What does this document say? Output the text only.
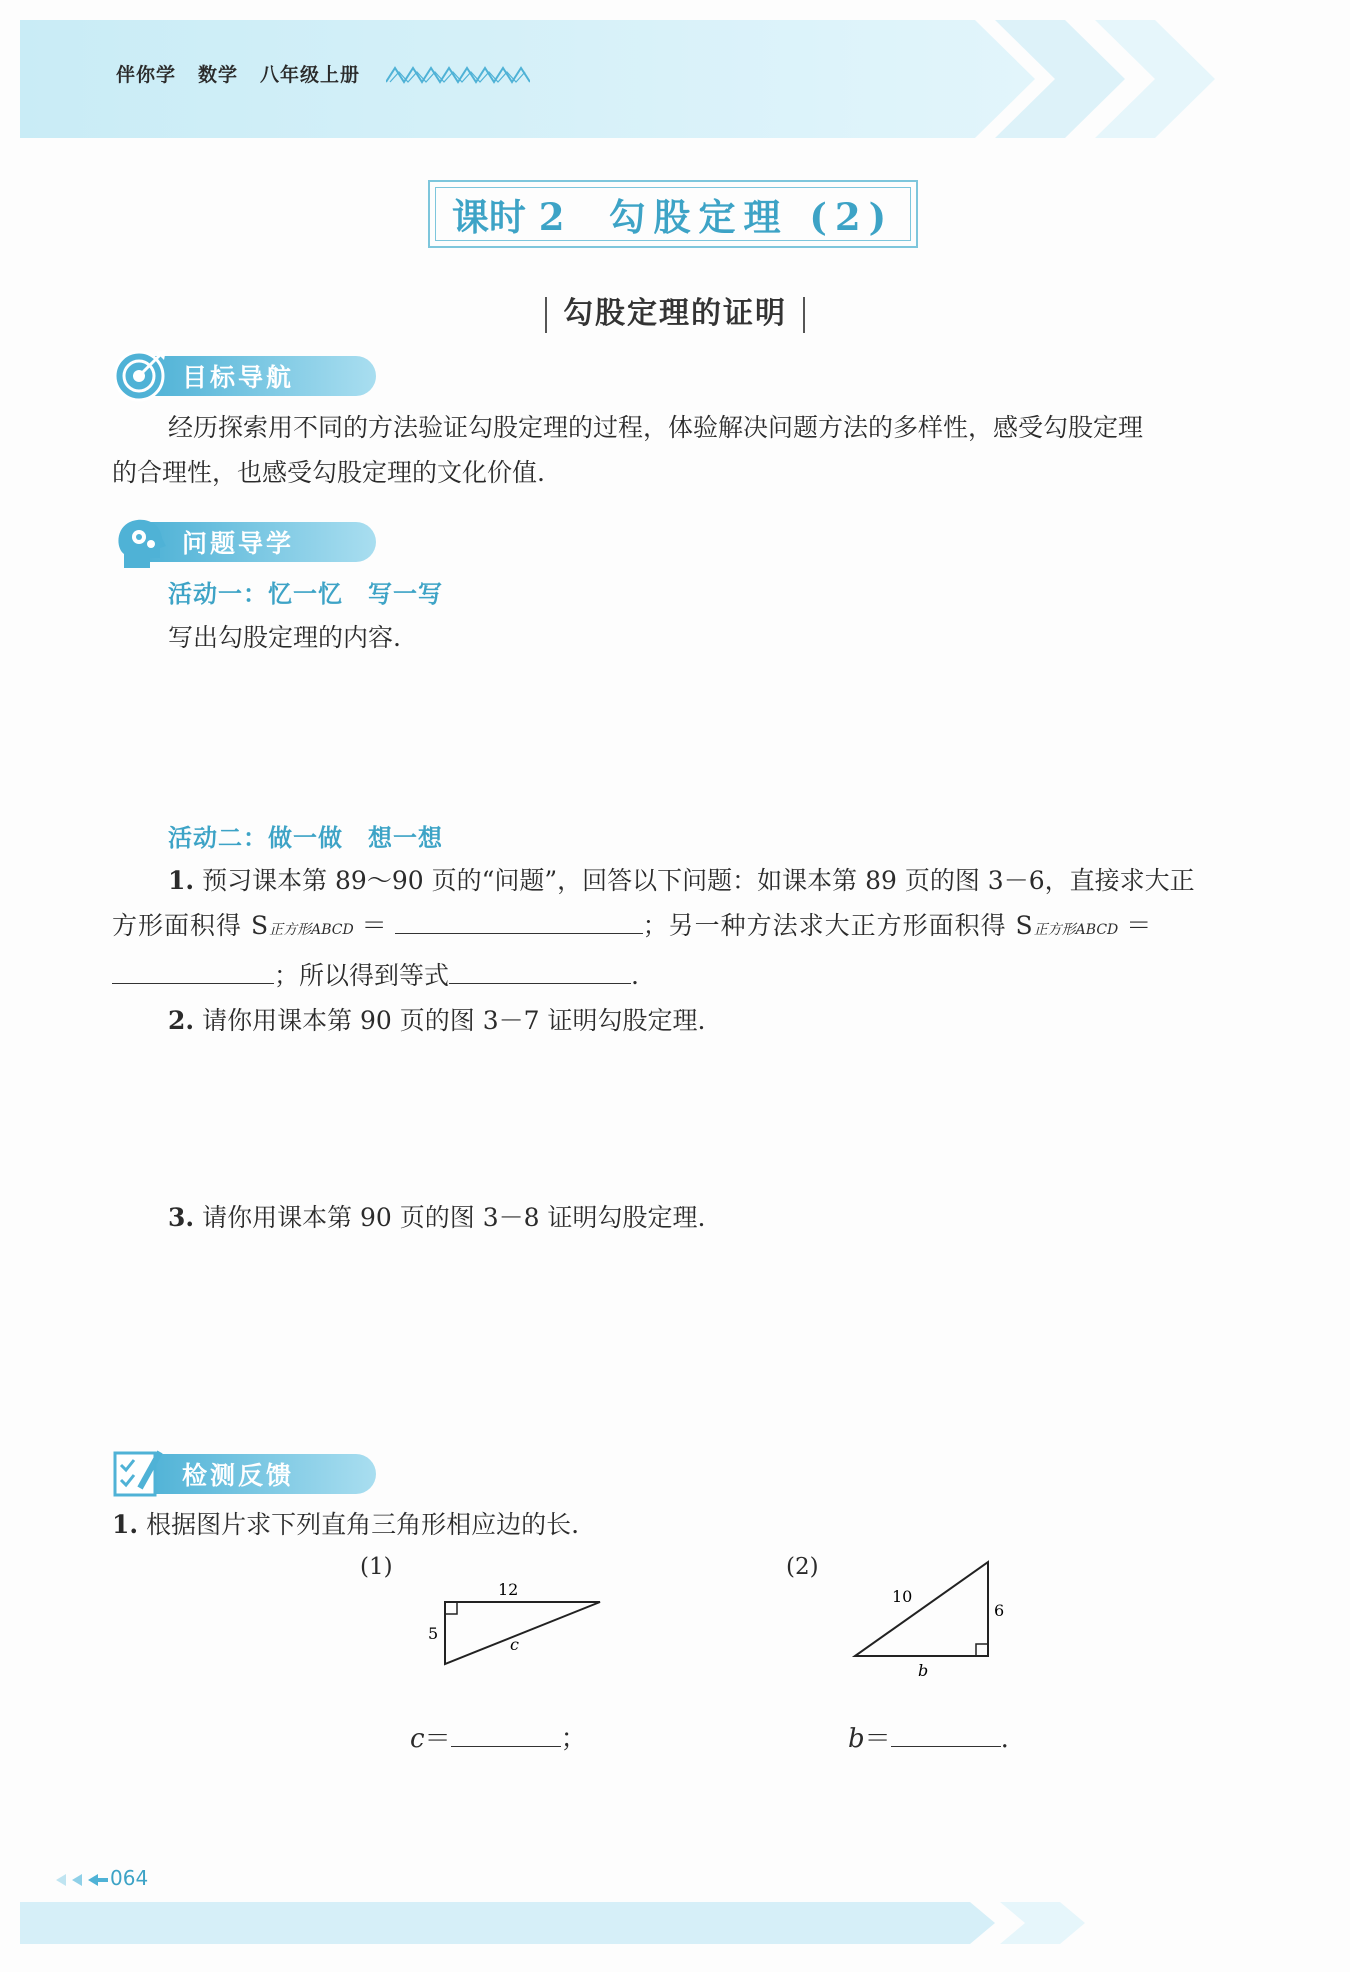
伴你学 数学 八年级上册
课时 2 勾股定理 (2)
勾股定理的证明
目标导航
经历探索用不同的方法验证勾股定理的过程，体验解决问题方法的多样性，感受勾股定理
的合理性，也感受勾股定理的文化价值.
问题导学
活动一：忆一忆　写一写
写出勾股定理的内容.
活动二：做一做　想一想
1. 预习课本第 89～90 页的“问题”，回答以下问题：如课本第 89 页的图 3－6，直接求大正
方形面积得 S正方形ABCD ＝	；另一种方法求大正方形面积得 S正方形ABCD ＝
；所以得到等式	.
2. 请你用课本第 90 页的图 3－7 证明勾股定理.
3. 请你用课本第 90 页的图 3－8 证明勾股定理.
检测反馈
1. 根据图片求下列直角三角形相应边的长.
(1)
12
5
c
(2)
10
6
b
c＝	；	b＝	.
064
